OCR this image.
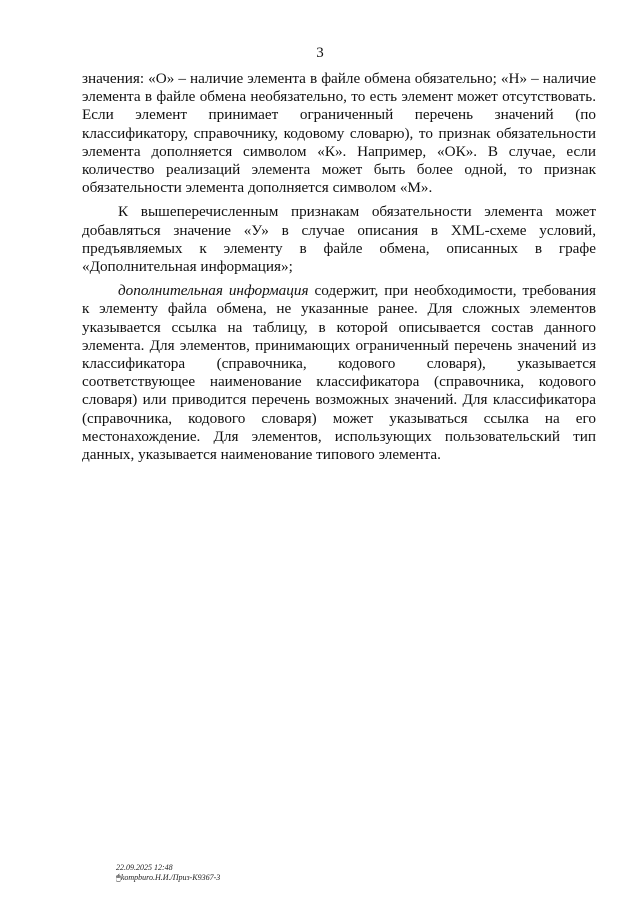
3

значения: «О» – наличие элемента в файле обмена обязательно; «Н» – наличие элемента в файле обмена необязательно, то есть элемент может отсутствовать. Если элемент принимает ограниченный перечень значений (по классификатору, справочнику, кодовому словарю), то признак обязательности элемента дополняется символом «К». Например, «ОК». В случае, если количество реализаций элемента может быть более одной, то признак обязательности элемента дополняется символом «М».

К вышеперечисленным признакам обязательности элемента может добавляться значение «У» в случае описания в XML-схеме условий, предъявляемых к элементу в файле обмена, описанных в графе «Дополнительная информация»;

дополнительная информация содержит, при необходимости, требования к элементу файла обмена, не указанные ранее. Для сложных элементов указывается ссылка на таблицу, в которой описывается состав данного элемента. Для элементов, принимающих ограниченный перечень значений из классификатора (справочника, кодового словаря), указывается соответствующее наименование классификатора (справочника, кодового словаря) или приводится перечень возможных значений. Для классификатора (справочника, кодового словаря) может указываться ссылка на его местонахождение. Для элементов, использующих пользовательский тип данных, указывается наименование типового элемента.

22.09.2025 12:48
🖱kompburo.Н.И./Приз-К9367-3
